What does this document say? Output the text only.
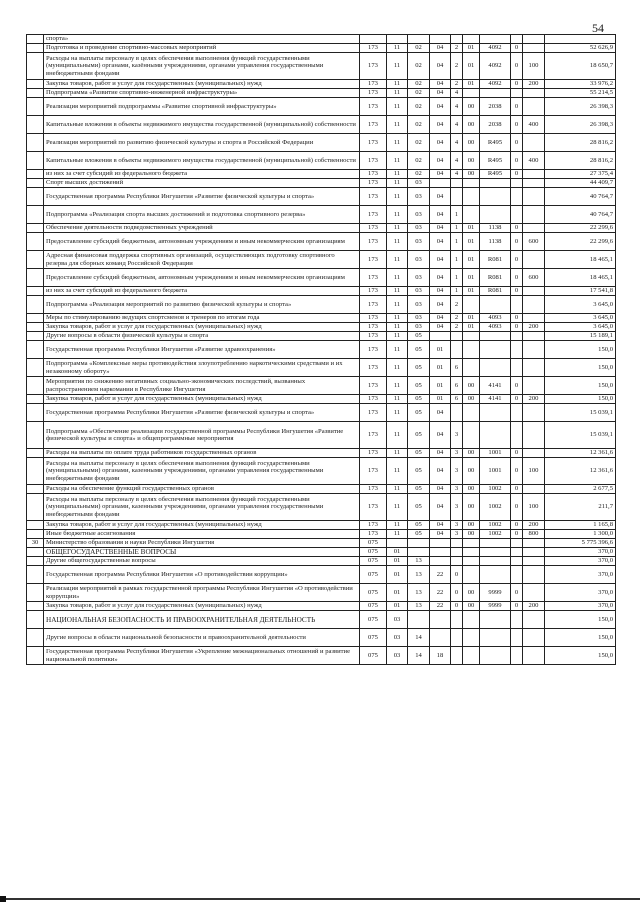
54
	спорта»										
	Подготовка и проведение спортивно-массовых мероприятий	173	11	02	04	2	01	4092	0		52 626,9
	Расходы на выплаты персоналу в целях обеспечения выполнения функций государственными (муниципальными) органами, казёнными учреждениями, органами управления государственными внебюджетными фондами	173	11	02	04	2	01	4092	0	100	18 650,7
	Закупка товаров, работ и услуг для государственных (муниципальных) нужд	173	11	02	04	2	01	4092	0	200	33 976,2
	Подпрограмма «Развитие спортивно-инженерной инфраструктуры»	173	11	02	04	4					55 214,5
	Реализация мероприятий подпрограммы «Развитие спортивной инфраструктуры»	173	11	02	04	4	00	2038	0		26 398,3
	Капитальные вложения в объекты недвижимого имущества государственной (муниципальной) собственности	173	11	02	04	4	00	2038	0	400	26 398,3
	Реализация мероприятий по развитию физической культуры и спорта в Российской Федерации	173	11	02	04	4	00	R495	0		28 816,2
	Капитальные вложения в объекты недвижимого имущества государственной (муниципальной) собственности	173	11	02	04	4	00	R495	0	400	28 816,2
	из них за счет субсидий из федерального бюджета	173	11	02	04	4	00	R495	0		27 375,4
	Спорт высших достижений	173	11	03							44 409,7
	Государственная программа Республики Ингушетия «Развитие физической культуры и спорта»	173	11	03	04						40 764,7
	Подпрограмма «Реализация спорта высших достижений и подготовка спортивного резерва»	173	11	03	04	1					40 764,7
	Обеспечение деятельности подведомственных учреждений	173	11	03	04	1	01	1138	0		22 299,6
	Предоставление субсидий бюджетным, автономным учреждениям и иным некоммерческим организациям	173	11	03	04	1	01	1138	0	600	22 299,6
	Адресная финансовая поддержка спортивных организаций, осуществляющих подготовку спортивного резерва для сборных команд Российской Федерации	173	11	03	04	1	01	R081	0		18 465,1
	Предоставление субсидий бюджетным, автономным учреждениям и иным некоммерческим организациям	173	11	03	04	1	01	R081	0	600	18 465,1
	из них за счет субсидий из федерального бюджета	173	11	03	04	1	01	R081	0		17 541,8
	Подпрограмма «Реализация мероприятий по развитию физической культуры и спорта»	173	11	03	04	2					3 645,0
	Меры по стимулированию ведущих спортсменов и тренеров по итогам года	173	11	03	04	2	01	4093	0		3 645,0
	Закупка товаров, работ и услуг для государственных (муниципальных) нужд	173	11	03	04	2	01	4093	0	200	3 645,0
	Другие вопросы в области физической культуры и спорта	173	11	05							15 189,1
	Государственная программа Республики Ингушетия «Развитие здравоохранения»	173	11	05	01						150,0
	Подпрограмма «Комплексные меры противодействия злоупотреблению наркотическими средствами и их незаконному обороту»	173	11	05	01	6					150,0
	Мероприятия по снижению негативных социально-экономических последствий, вызванных распространением наркомании в Республике Ингушетия	173	11	05	01	6	00	4141	0		150,0
	Закупка товаров, работ и услуг для государственных (муниципальных) нужд	173	11	05	01	6	00	4141	0	200	150,0
	Государственная программа Республики Ингушетия «Развитие физической культуры и спорта»	173	11	05	04						15 039,1
	Подпрограмма «Обеспечение реализации государственной программы Республики Ингушетия «Развитие физической культуры и спорта» и общепрограммные мероприятия	173	11	05	04	3					15 039,1
	Расходы на выплаты по оплате труда работников государственных органов	173	11	05	04	3	00	1001	0		12 361,6
	Расходы на выплаты персоналу в целях обеспечения выполнения функций государственными (муниципальными) органами, казенными учреждениями, органами управления государственными внебюджетными фондами	173	11	05	04	3	00	1001	0	100	12 361,6
	Расходы на обеспечение функций государственных органов	173	11	05	04	3	00	1002	0		2 677,5
	Расходы на выплаты персоналу в целях обеспечения выполнения функций государственными (муниципальными) органами, казенными учреждениями, органами управления государственными внебюджетными фондами	173	11	05	04	3	00	1002	0	100	211,7
	Закупка товаров, работ и услуг для государственных (муниципальных) нужд	173	11	05	04	3	00	1002	0	200	1 165,8
	Иные бюджетные ассигнования	173	11	05	04	3	00	1002	0	800	1 300,0
30	Министерство образования и науки Республики Ингушетия	075									5 775 396,6
	ОБЩЕГОСУДАРСТВЕННЫЕ ВОПРОСЫ	075	01								370,0
	Другие общегосударственные вопросы	075	01	13							370,0
	Государственная программа Республики Ингушетия «О противодействии коррупции»	075	01	13	22	0					370,0
	Реализация мероприятий в рамках государственной программы Республики Ингушетия «О противодействии коррупции»	075	01	13	22	0	00	9999	0		370,0
	Закупка товаров, работ и услуг для государственных (муниципальных) нужд	075	01	13	22	0	00	9999	0	200	370,0
	НАЦИОНАЛЬНАЯ БЕЗОПАСНОСТЬ И ПРАВООХРАНИТЕЛЬНАЯ ДЕЯТЕЛЬНОСТЬ	075	03								150,0
	Другие вопросы в области национальной безопасности и правоохранительной деятельности	075	03	14							150,0
	Государственная программа Республики Ингушетия «Укрепление межнациональных отношений и развитие национальной политики»	075	03	14	18						150,0
